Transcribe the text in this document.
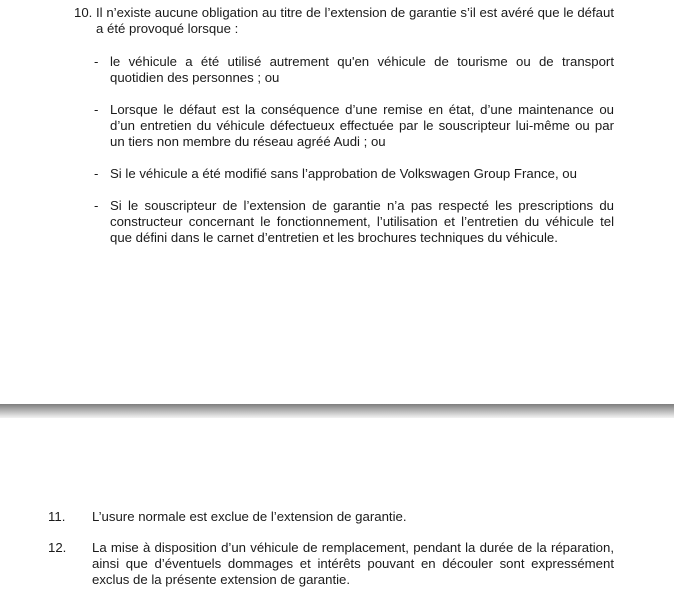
10. Il n’existe aucune obligation au titre de l’extension de garantie s’il est avéré que le défaut a été provoqué lorsque :
- le véhicule a été utilisé autrement qu'en véhicule de tourisme ou de transport quotidien des personnes ; ou
- Lorsque le défaut est la conséquence d’une remise en état, d’une maintenance ou d’un entretien du véhicule défectueux effectuée par le souscripteur lui-même ou par un tiers non membre du réseau agréé Audi ; ou
- Si le véhicule a été modifié sans l’approbation de Volkswagen Group France, ou
- Si le souscripteur de l’extension de garantie n’a pas respecté les prescriptions du constructeur concernant le fonctionnement, l’utilisation et l’entretien du véhicule tel que défini dans le carnet d’entretien et les brochures techniques du véhicule.
11.	L’usure normale est exclue de l’extension de garantie.
12.	La mise à disposition d’un véhicule de remplacement, pendant la durée de la réparation, ainsi que d’éventuels dommages et intérêts pouvant en découler sont expressément exclus de la présente extension de garantie.
